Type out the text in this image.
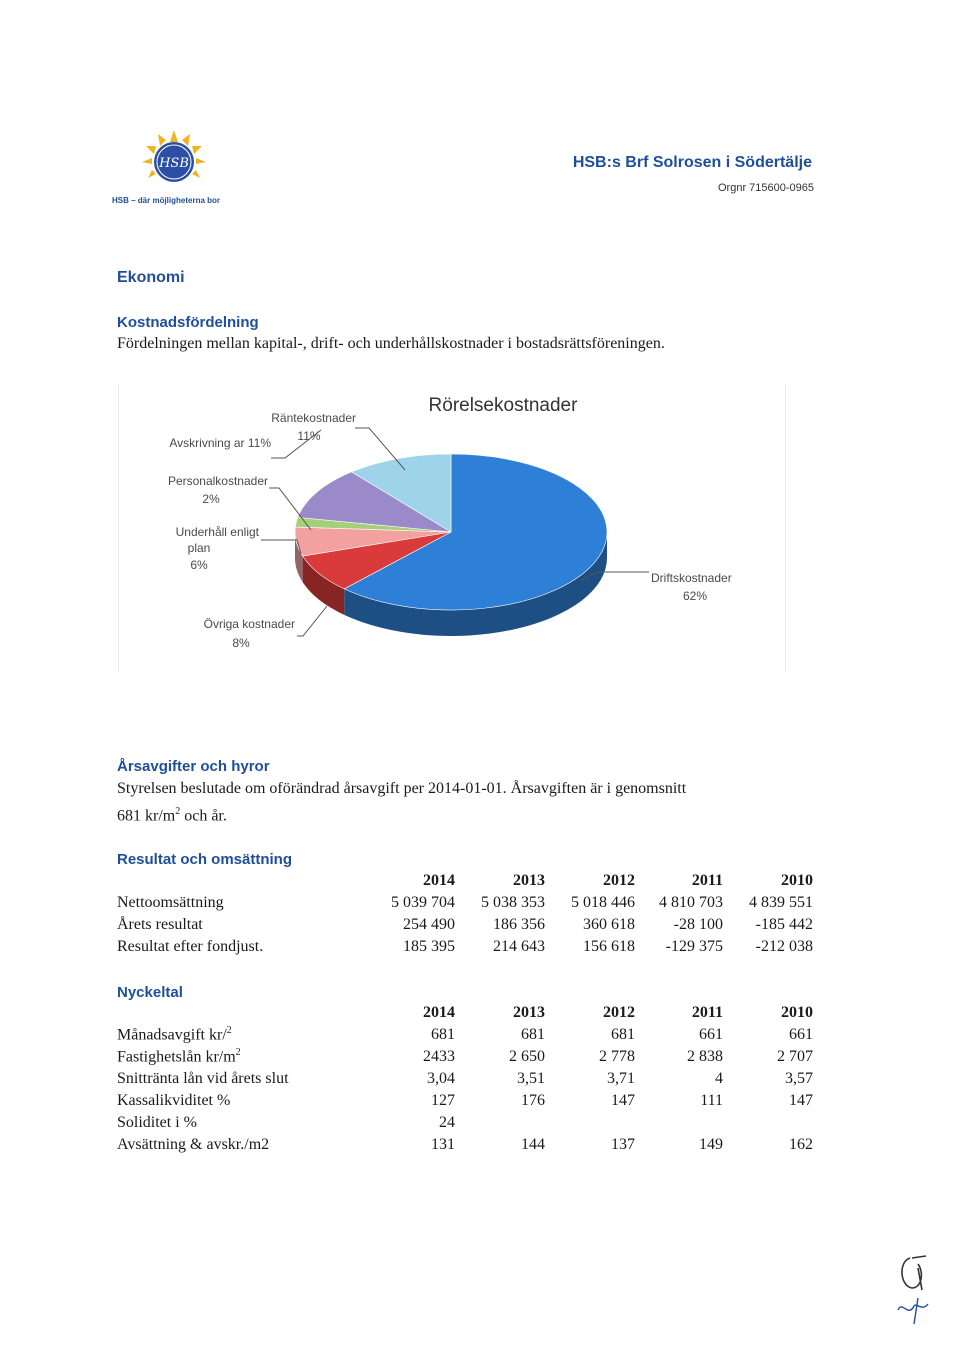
HSB
HSB – där möjligheterna bor
HSB:s Brf Solrosen i Södertälje
Orgnr 715600-0965
Ekonomi
Kostnadsfördelning
Fördelningen mellan kapital-, drift- och underhållskostnader i bostadsrättsföreningen.
Rörelsekostnader
Räntekostnader
11%
Avskrivning ar 11%
Personalkostnader
2%
Underhåll enligt
plan
6%
Övriga kostnader
8%
Driftskostnader
62%
Årsavgifter och hyror
Styrelsen beslutade om oförändrad årsavgift per 2014-01-01. Årsavgiften är i genomsnitt
681 $kr/m^2$ och år.
Resultat och omsättning
	2014	2013	2012	2011	2010
Nettoomsättning	5 039 704	5 038 353	5 018 446	4 810 703	4 839 551
Årets resultat	254 490	186 356	360 618	-28 100	-185 442
Resultat efter fondjust.	185 395	214 643	156 618	-129 375	-212 038
Nyckeltal
	2014	2013	2012	2011	2010
Månadsavgift kr/$^2$	681	681	681	661	661
Fastighetslån $kr/m^2$	2433	2 650	2 778	2 838	2 707
Snittränta lån vid årets slut	3,04	3,51	3,71	4	3,57
Kassalikviditet %	127	176	147	111	147
Soliditet i %	24				
Avsättning & avskr./m2	131	144	137	149	162
